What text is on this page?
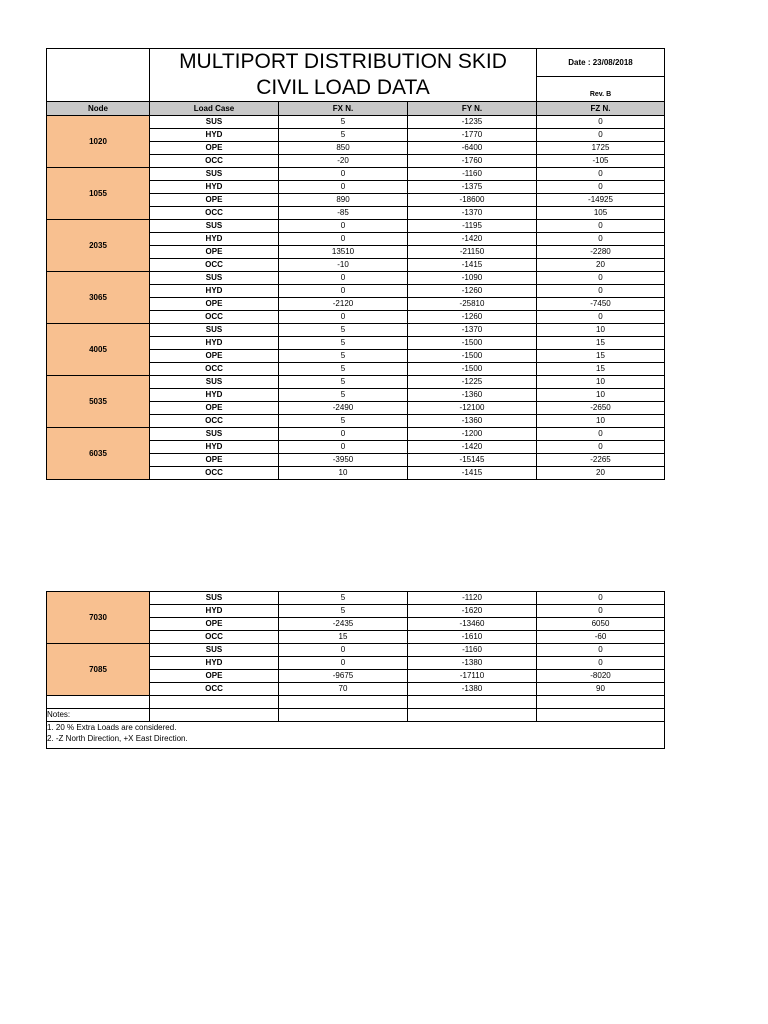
	MULTIPORT DISTRIBUTION SKID
CIVIL LOAD DATA			Date : 23/08/2018
				Rev. B
Node	Load Case	FX N.	FY N.	FZ N.
1020	SUS	5	-1235	0
	HYD	5	-1770	0
	OPE	850	-6400	1725
	OCC	-20	-1760	-105
1055	SUS	0	-1160	0
	HYD	0	-1375	0
	OPE	890	-18600	-14925
	OCC	-85	-1370	105
2035	SUS	0	-1195	0
	HYD	0	-1420	0
	OPE	13510	-21150	-2280
	OCC	-10	-1415	20
3065	SUS	0	-1090	0
	HYD	0	-1260	0
	OPE	-2120	-25810	-7450
	OCC	0	-1260	0
4005	SUS	5	-1370	10
	HYD	5	-1500	15
	OPE	5	-1500	15
	OCC	5	-1500	15
5035	SUS	5	-1225	10
	HYD	5	-1360	10
	OPE	-2490	-12100	-2650
	OCC	5	-1360	10
6035	SUS	0	-1200	0
	HYD	0	-1420	0
	OPE	-3950	-15145	-2265
	OCC	10	-1415	20
7030	SUS	5	-1120	0
	HYD	5	-1620	0
	OPE	-2435	-13460	6050
	OCC	15	-1610	-60
7085	SUS	0	-1160	0
	HYD	0	-1380	0
	OPE	-9675	-17110	-8020
	OCC	70	-1380	90

Notes:				

1. 20 % Extra Loads are considered.
2. -Z North Direction, +X East Direction.				
